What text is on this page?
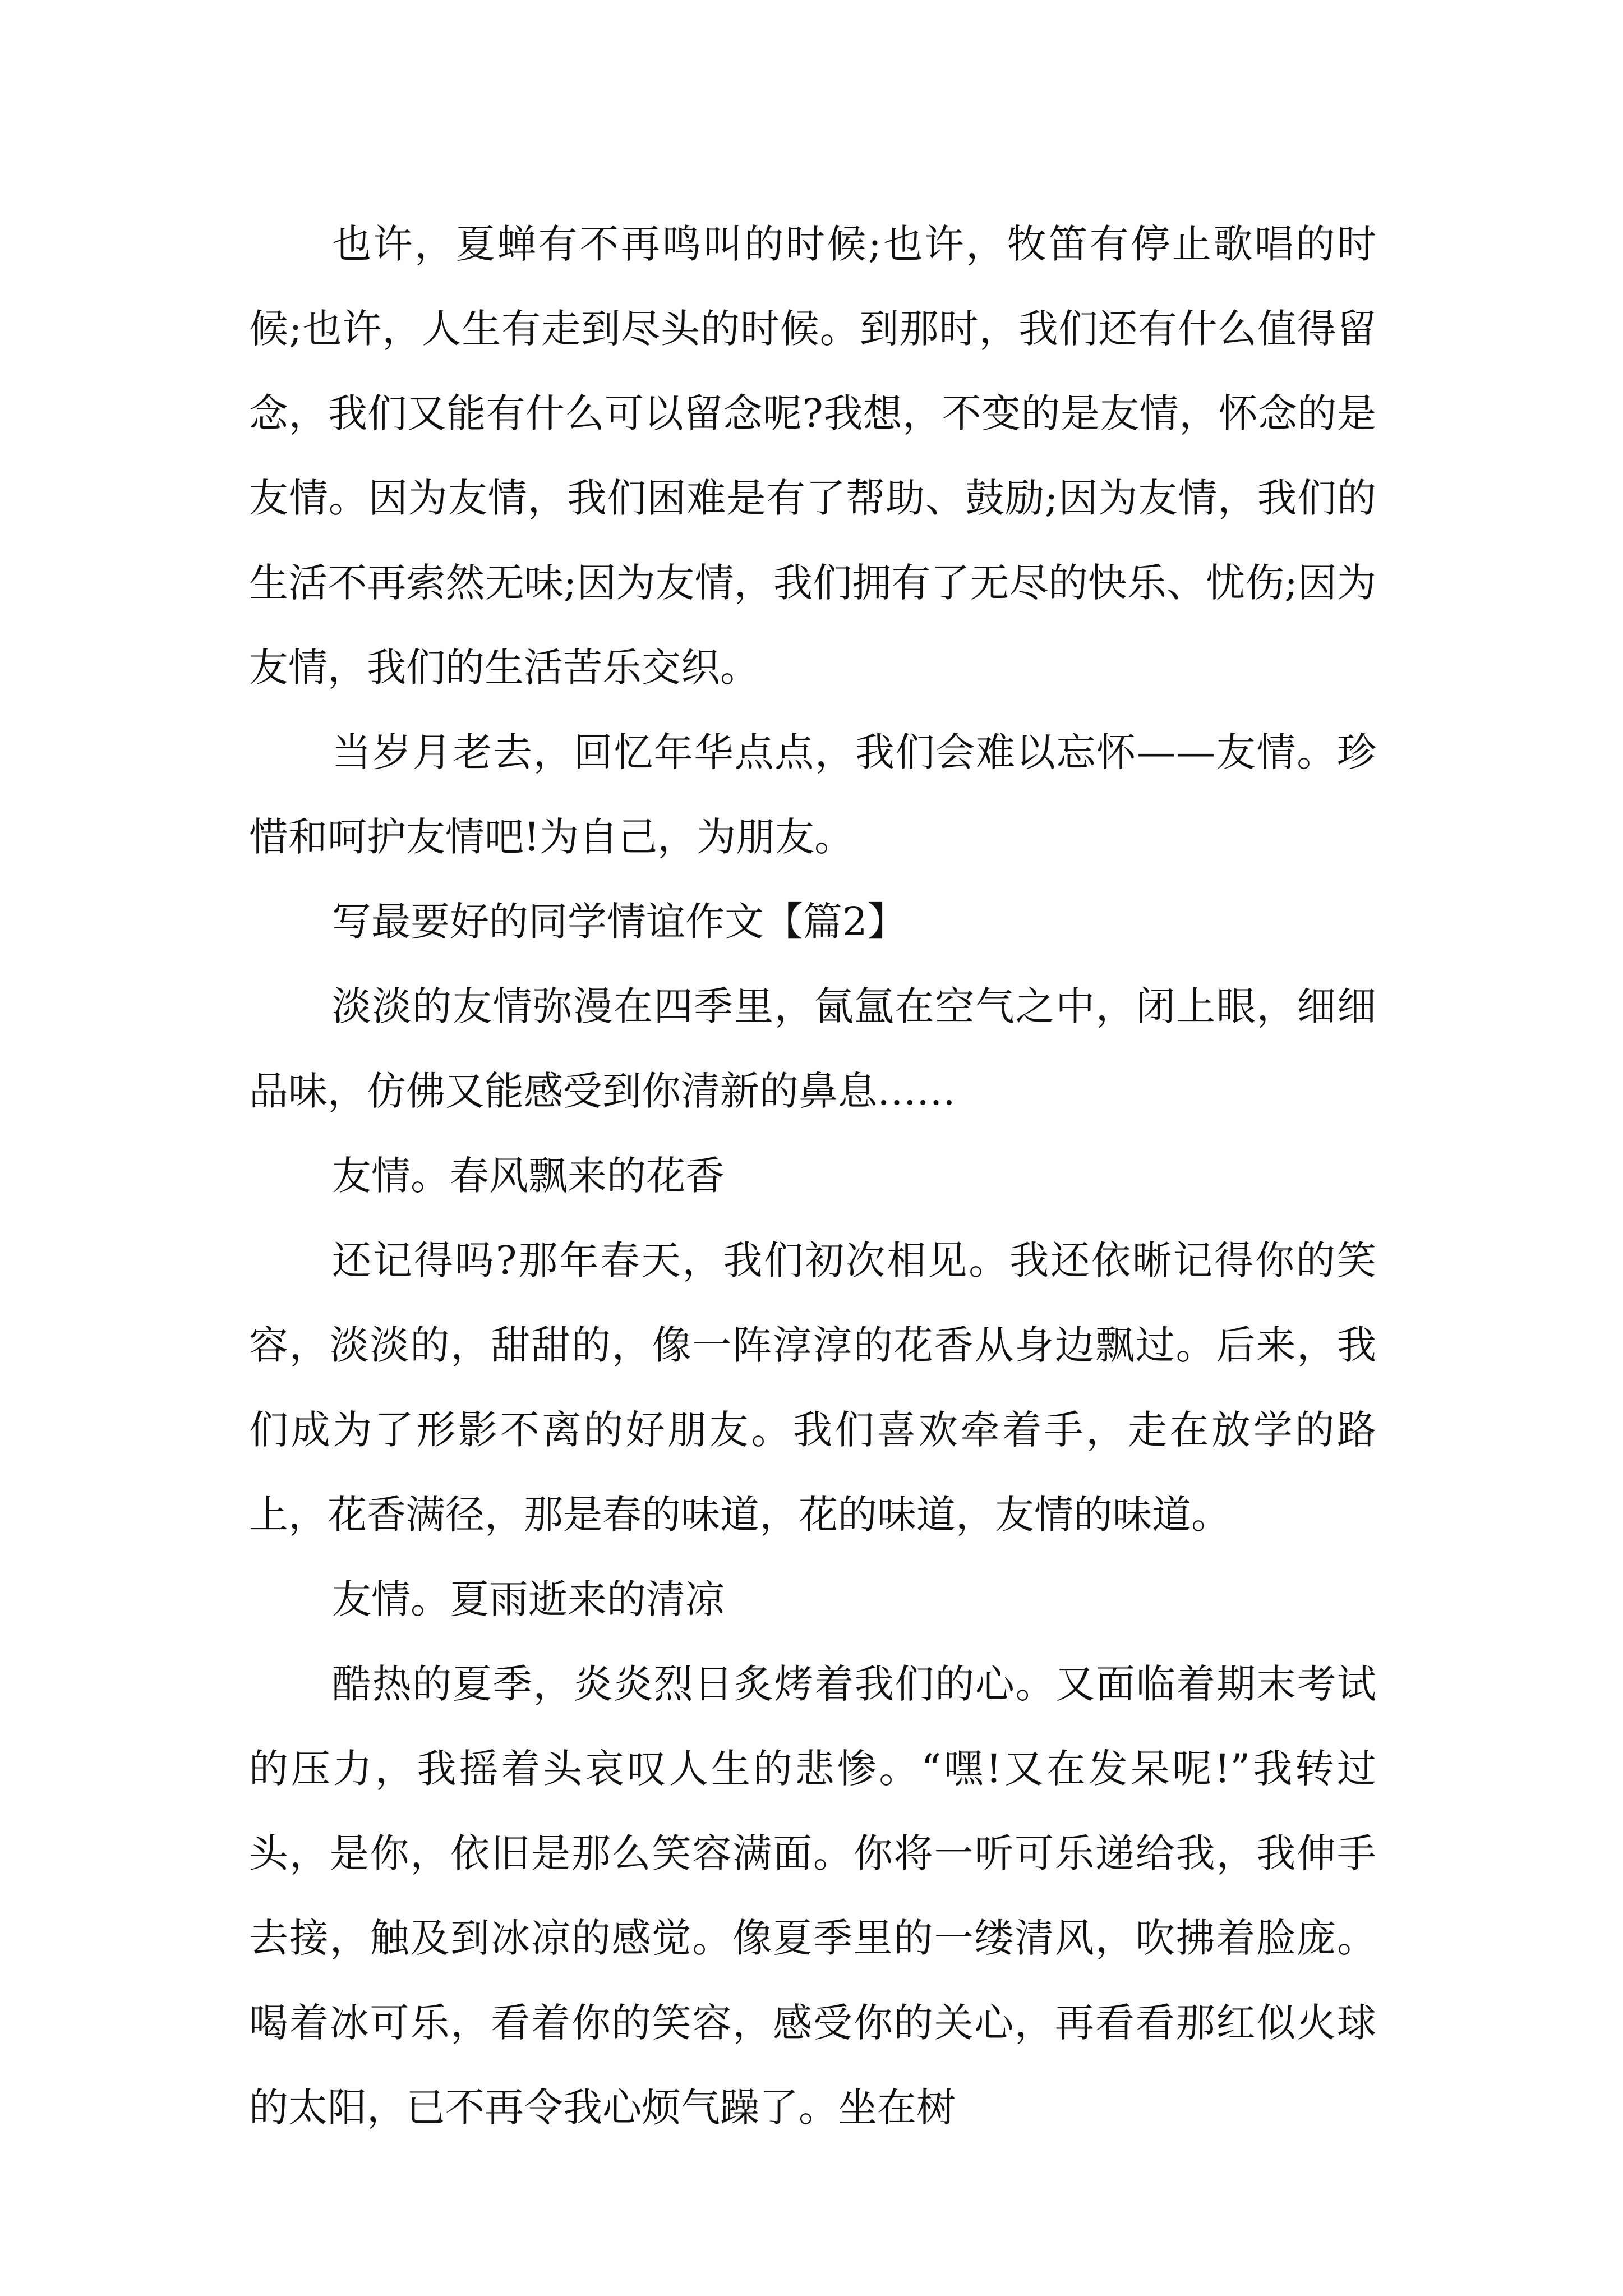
也许，夏蝉有不再鸣叫的时候;也许，牧笛有停止歌唱的时候;也许，人生有走到尽头的时候。到那时，我们还有什么值得留念，我们又能有什么可以留念呢?我想，不变的是友情，怀念的是友情。因为友情，我们困难是有了帮助、鼓励;因为友情，我们的生活不再索然无味;因为友情，我们拥有了无尽的快乐、忧伤;因为友情，我们的生活苦乐交织。

当岁月老去，回忆年华点点，我们会难以忘怀——友情。珍惜和呵护友情吧!为自己，为朋友。

写最要好的同学情谊作文【篇2】

淡淡的友情弥漫在四季里，氤氲在空气之中，闭上眼，细细品味，仿佛又能感受到你清新的鼻息……

友情。春风飘来的花香

还记得吗?那年春天，我们初次相见。我还依晰记得你的笑容，淡淡的，甜甜的，像一阵淳淳的花香从身边飘过。后来，我们成为了形影不离的好朋友。我们喜欢牵着手，走在放学的路上，花香满径，那是春的味道，花的味道，友情的味道。

友情。夏雨逝来的清凉

酷热的夏季，炎炎烈日炙烤着我们的心。又面临着期末考试的压力，我摇着头哀叹人生的悲惨。“嘿!又在发呆呢!”我转过头，是你，依旧是那么笑容满面。你将一听可乐递给我，我伸手去接，触及到冰凉的感觉。像夏季里的一缕清风，吹拂着脸庞。喝着冰可乐，看着你的笑容，感受你的关心，再看看那红似火球的太阳，已不再令我心烦气躁了。坐在树
